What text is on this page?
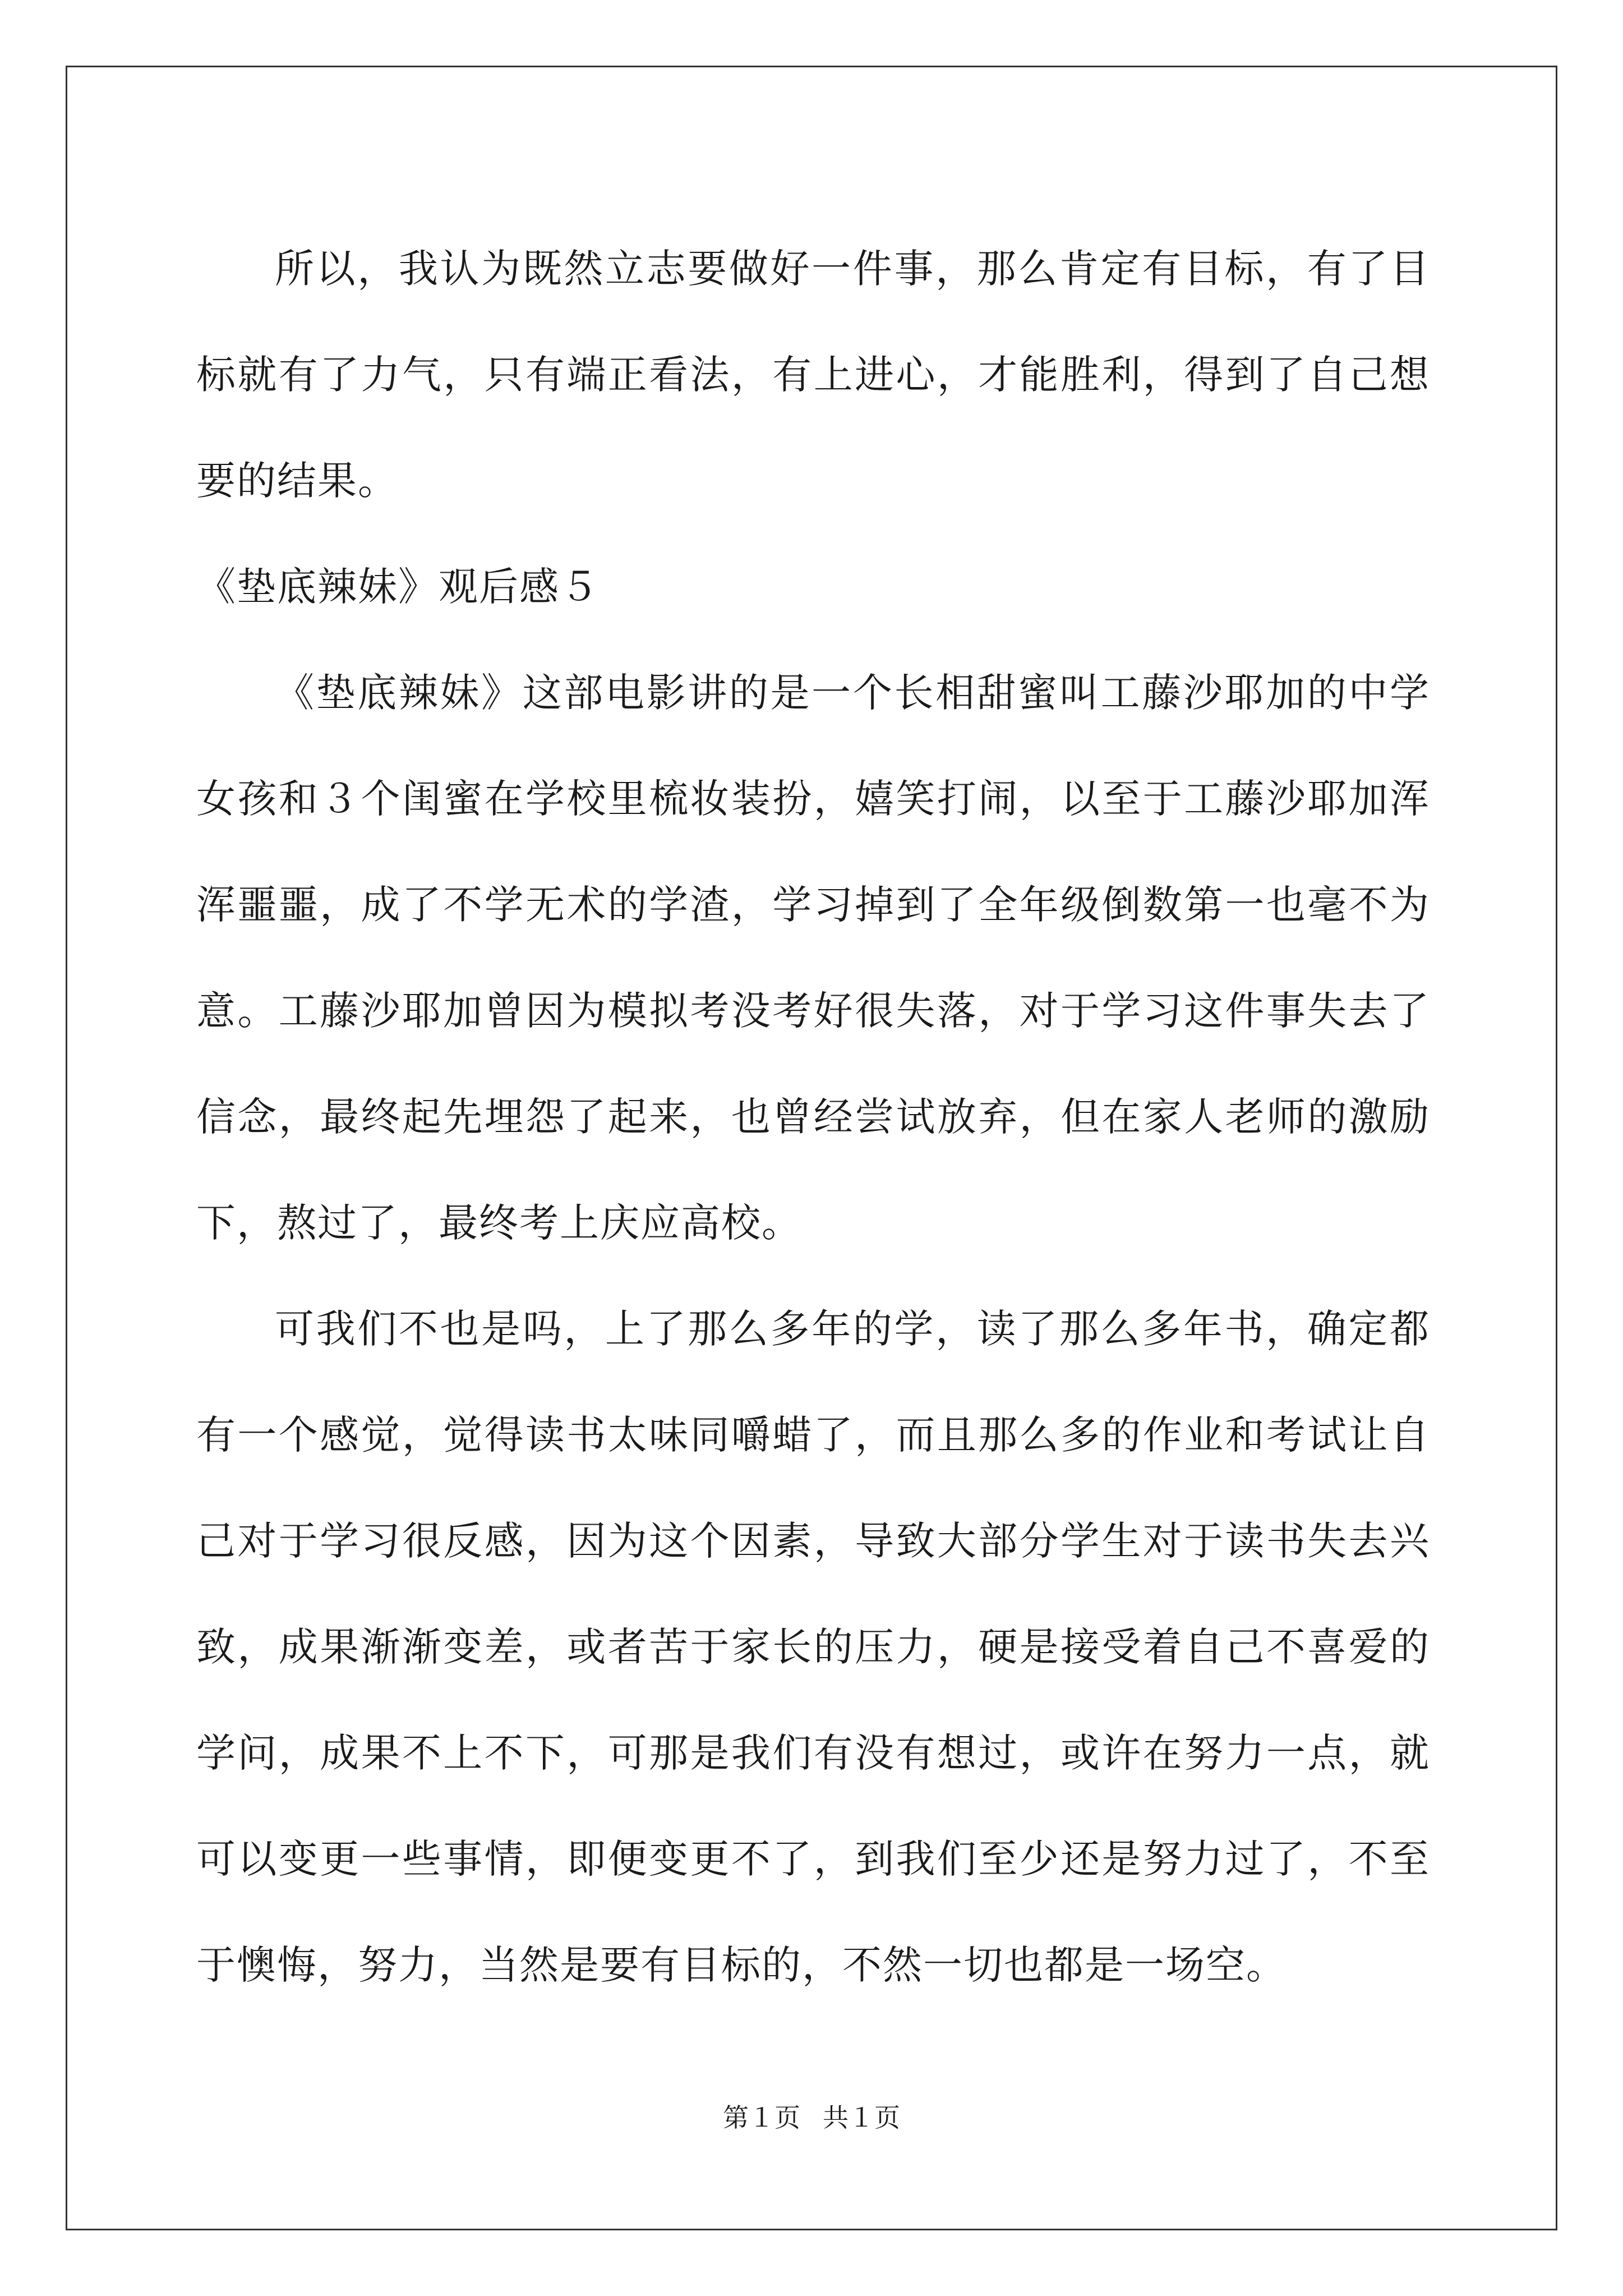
所以，我认为既然立志要做好一件事，那么肯定有目标，有了目标就有了力气，只有端正看法，有上进心，才能胜利，得到了自己想要的结果。

《垫底辣妹》观后感５

《垫底辣妹》这部电影讲的是一个长相甜蜜叫工藤沙耶加的中学女孩和３个闺蜜在学校里梳妆装扮，嬉笑打闹，以至于工藤沙耶加浑浑噩噩，成了不学无术的学渣，学习掉到了全年级倒数第一也毫不为意。工藤沙耶加曾因为模拟考没考好很失落，对于学习这件事失去了信念，最终起先埋怨了起来，也曾经尝试放弃，但在家人老师的激励下，熬过了，最终考上庆应高校。

可我们不也是吗，上了那么多年的学，读了那么多年书，确定都有一个感觉，觉得读书太味同嚼蜡了，而且那么多的作业和考试让自己对于学习很反感，因为这个因素，导致大部分学生对于读书失去兴致，成果渐渐变差，或者苦于家长的压力，硬是接受着自己不喜爱的学问，成果不上不下，可那是我们有没有想过，或许在努力一点，就可以变更一些事情，即便变更不了，到我们至少还是努力过了，不至于懊悔，努力，当然是要有目标的，不然一切也都是一场空。

第１页 共１页
